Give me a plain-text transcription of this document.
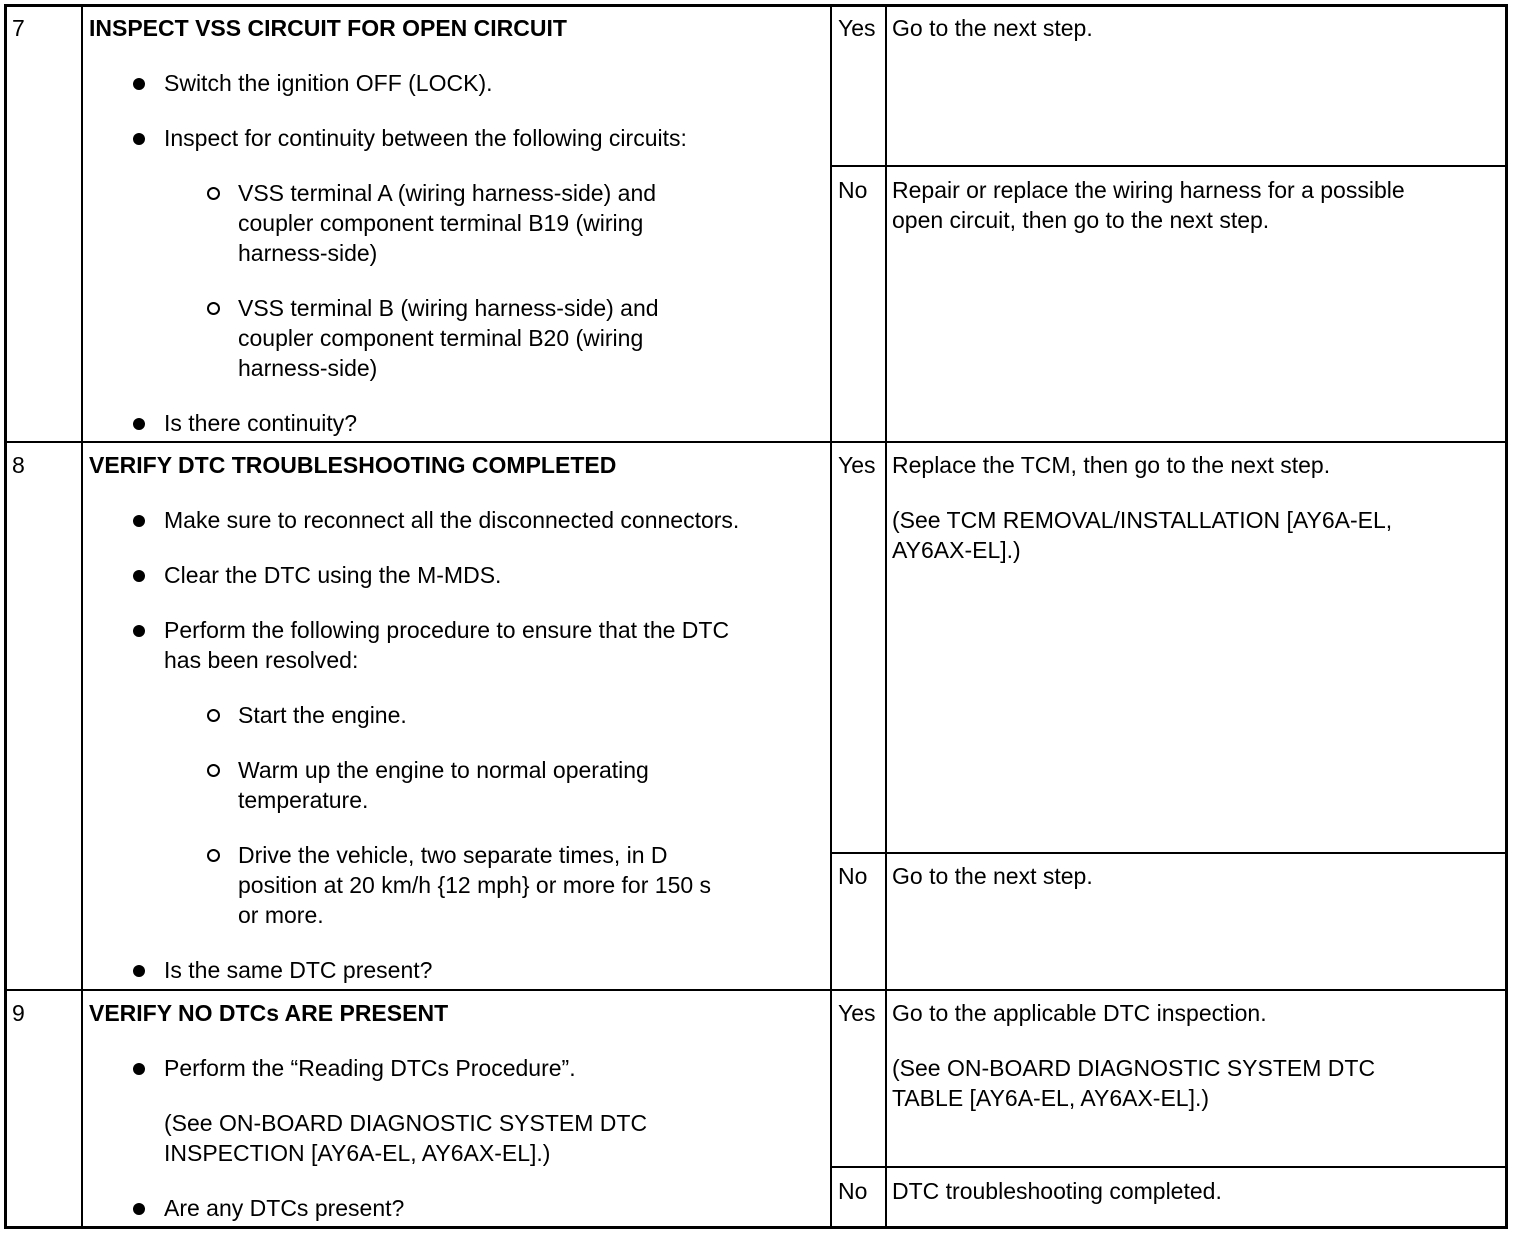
7	INSPECT VSS CIRCUIT FOR OPEN CIRCUIT
Switch the ignition OFF (LOCK).
Inspect for continuity between the following circuits:
VSS terminal A (wiring harness-side) and
coupler component terminal B19 (wiring
harness-side)
VSS terminal B (wiring harness-side) and
coupler component terminal B20 (wiring
harness-side)
Is there continuity?
Yes Go to the next step.
No Repair or replace the wiring harness for a possible
open circuit, then go to the next step.
8	VERIFY DTC TROUBLESHOOTING COMPLETED
Make sure to reconnect all the disconnected connectors.
Clear the DTC using the M-MDS.
Perform the following procedure to ensure that the DTC
has been resolved:
Start the engine.
Warm up the engine to normal operating
temperature.
Drive the vehicle, two separate times, in D
position at 20 km/h {12 mph} or more for 150 s
or more.
Is the same DTC present?
Yes Replace the TCM, then go to the next step.
(See TCM REMOVAL/INSTALLATION [AY6A-EL,
AY6AX-EL].)
No Go to the next step.
9	VERIFY NO DTCs ARE PRESENT
Perform the “Reading DTCs Procedure”.
(See ON-BOARD DIAGNOSTIC SYSTEM DTC
INSPECTION [AY6A-EL, AY6AX-EL].)
Are any DTCs present?
Yes Go to the applicable DTC inspection.
(See ON-BOARD DIAGNOSTIC SYSTEM DTC
TABLE [AY6A-EL, AY6AX-EL].)
No DTC troubleshooting completed.
